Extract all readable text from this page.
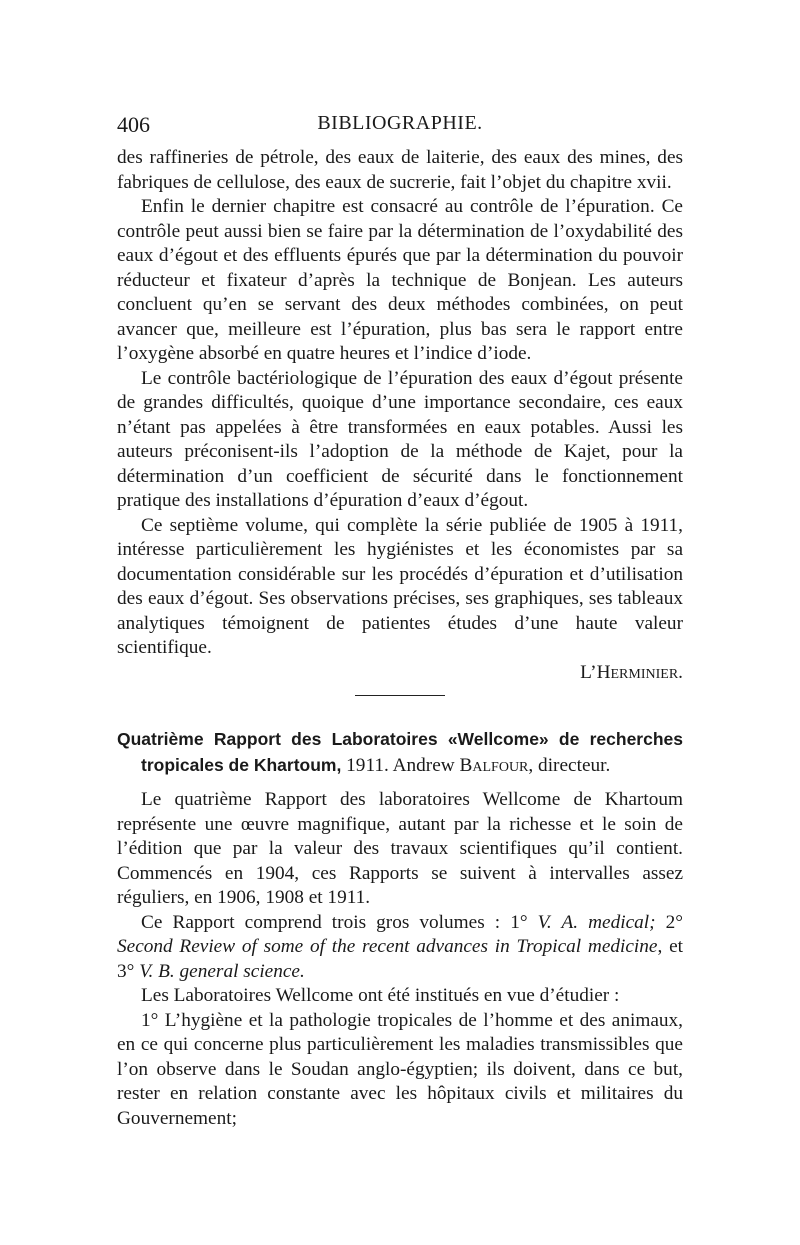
406	BIBLIOGRAPHIE.

des raffineries de pétrole, des eaux de laiterie, des eaux des mines, des fabriques de cellulose, des eaux de sucrerie, fait l’objet du chapitre xvii.

Enfin le dernier chapitre est consacré au contrôle de l’épuration. Ce contrôle peut aussi bien se faire par la détermination de l’oxydabilité des eaux d’égout et des effluents épurés que par la détermination du pouvoir réducteur et fixateur d’après la technique de Bonjean. Les auteurs concluent qu’en se servant des deux méthodes combinées, on peut avancer que, meilleure est l’épuration, plus bas sera le rapport entre l’oxygène absorbé en quatre heures et l’indice d’iode.

Le contrôle bactériologique de l’épuration des eaux d’égout présente de grandes difficultés, quoique d’une importance secondaire, ces eaux n’étant pas appelées à être transformées en eaux potables. Aussi les auteurs préconisent-ils l’adoption de la méthode de Kajet, pour la détermination d’un coefficient de sécurité dans le fonctionnement pratique des installations d’épuration d’eaux d’égout.

Ce septième volume, qui complète la série publiée de 1905 à 1911, intéresse particulièrement les hygiénistes et les économistes par sa documentation considérable sur les procédés d’épuration et d’utilisation des eaux d’égout. Ses observations précises, ses graphiques, ses tableaux analytiques témoignent de patientes études d’une haute valeur scientifique.
L’Herminier.

Quatrième Rapport des Laboratoires «Wellcome» de recherches tropicales de Khartoum, 1911. Andrew Balfour, directeur.

Le quatrième Rapport des laboratoires Wellcome de Khartoum représente une œuvre magnifique, autant par la richesse et le soin de l’édition que par la valeur des travaux scientifiques qu’il contient. Commencés en 1904, ces Rapports se suivent à intervalles assez réguliers, en 1906, 1908 et 1911.

Ce Rapport comprend trois gros volumes : 1° V. A. medical; 2° Second Review of some of the recent advances in Tropical medicine, et 3° V. B. general science.

Les Laboratoires Wellcome ont été institués en vue d’étudier :

1° L’hygiène et la pathologie tropicales de l’homme et des animaux, en ce qui concerne plus particulièrement les maladies transmissibles que l’on observe dans le Soudan anglo-égyptien; ils doivent, dans ce but, rester en relation constante avec les hôpitaux civils et militaires du Gouvernement;
